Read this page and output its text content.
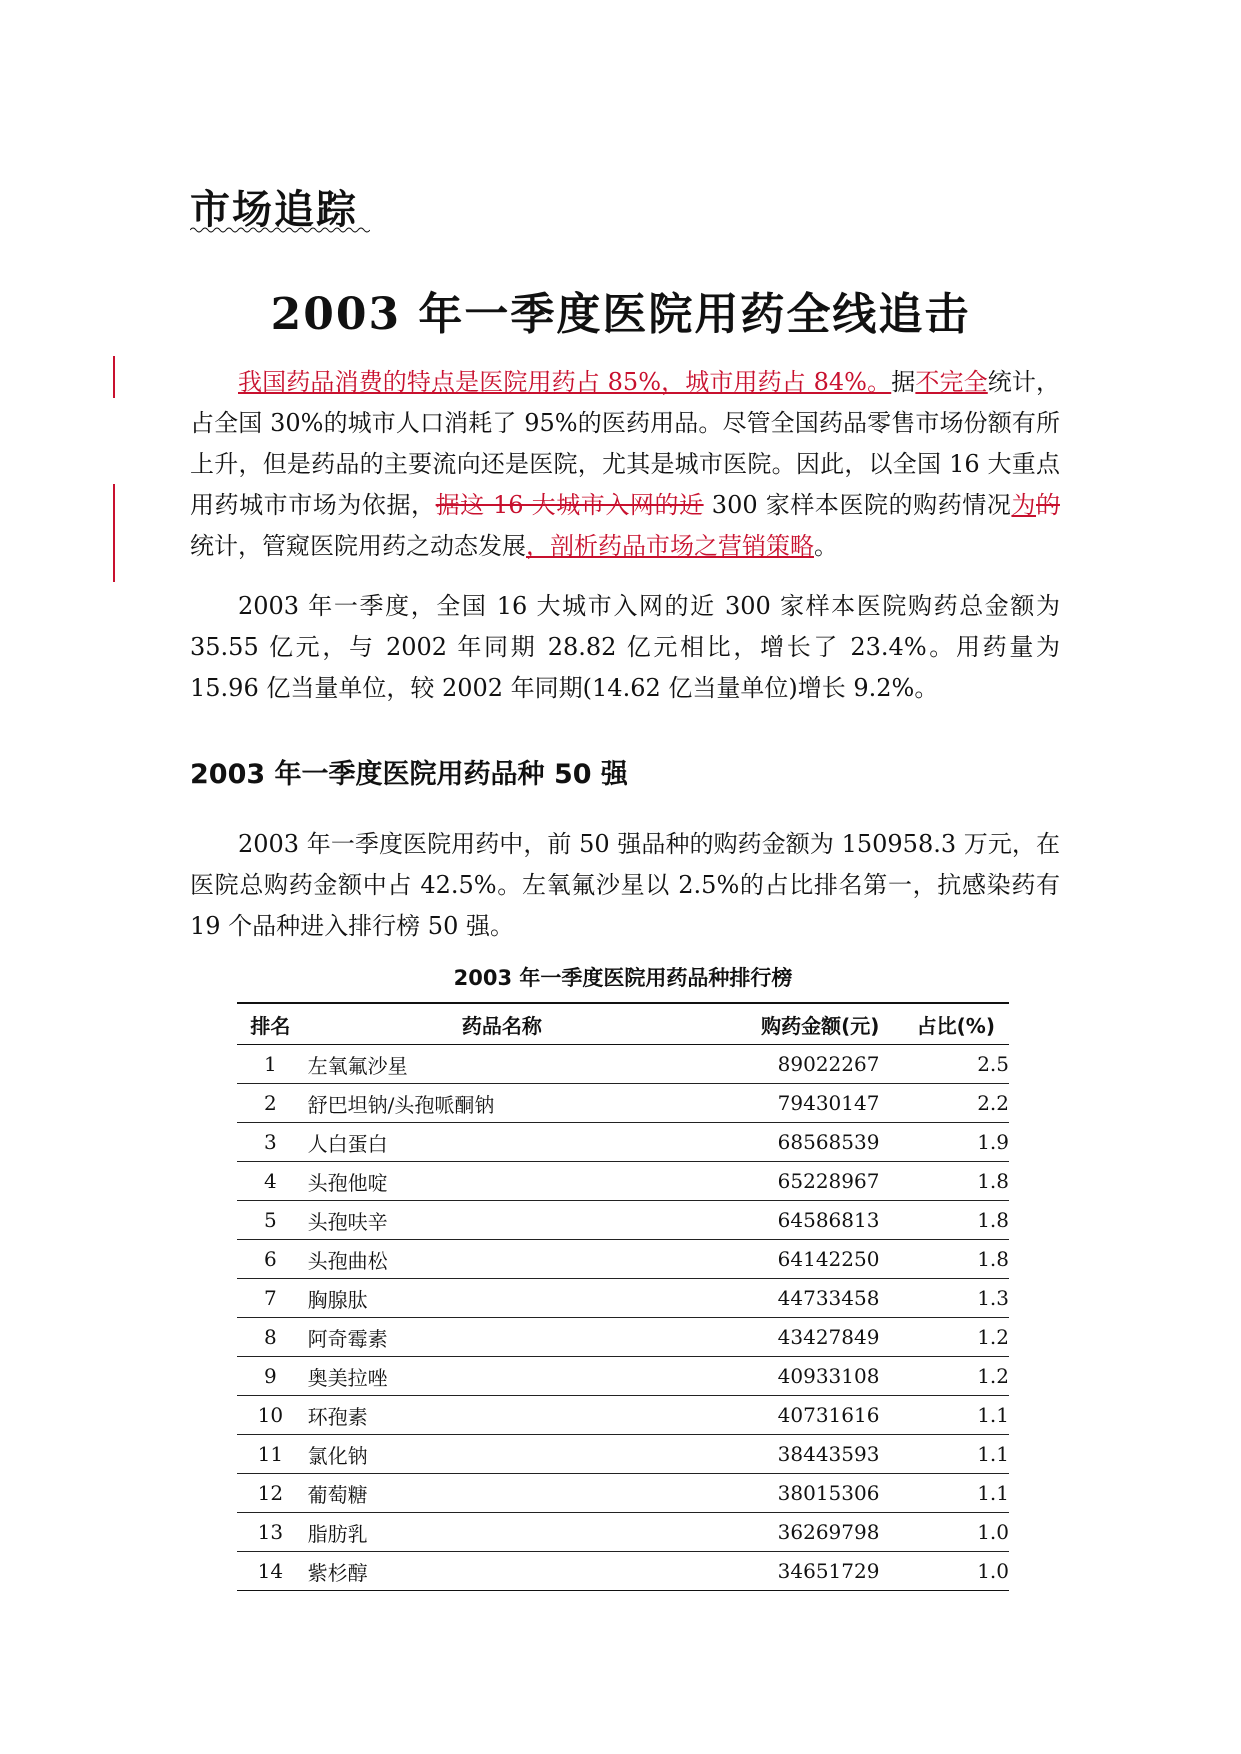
市场追踪
2003 年一季度医院用药全线追击

我国药品消费的特点是医院用药占 85%，城市用药占 84%。据不完全统计，占全国 30%的城市人口消耗了 95%的医药用品。尽管全国药品零售市场份额有所上升，但是药品的主要流向还是医院，尤其是城市医院。因此，以全国 16 大重点用药城市市场为依据，据这 16 大城市入网的近 300 家样本医院的购药情况为的统计，管窥医院用药之动态发展，剖析药品市场之营销策略。

2003 年一季度，全国 16 大城市入网的近 300 家样本医院购药总金额为 35.55 亿元，与 2002 年同期 28.82 亿元相比，增长了 23.4%。用药量为 15.96 亿当量单位，较 2002 年同期(14.62 亿当量单位)增长 9.2%。

2003 年一季度医院用药品种 50 强

2003 年一季度医院用药中，前 50 强品种的购药金额为 150958.3 万元，在医院总购药金额中占 42.5%。左氧氟沙星以 2.5%的占比排名第一，抗感染药有 19 个品种进入排行榜 50 强。

2003 年一季度医院用药品种排行榜
排名	药品名称	购药金额(元)	占比(%)
1	左氧氟沙星	89022267	2.5
2	舒巴坦钠/头孢哌酮钠	79430147	2.2
3	人白蛋白	68568539	1.9
4	头孢他啶	65228967	1.8
5	头孢呋辛	64586813	1.8
6	头孢曲松	64142250	1.8
7	胸腺肽	44733458	1.3
8	阿奇霉素	43427849	1.2
9	奥美拉唑	40933108	1.2
10	环孢素	40731616	1.1
11	氯化钠	38443593	1.1
12	葡萄糖	38015306	1.1
13	脂肪乳	36269798	1.0
14	紫杉醇	34651729	1.0
